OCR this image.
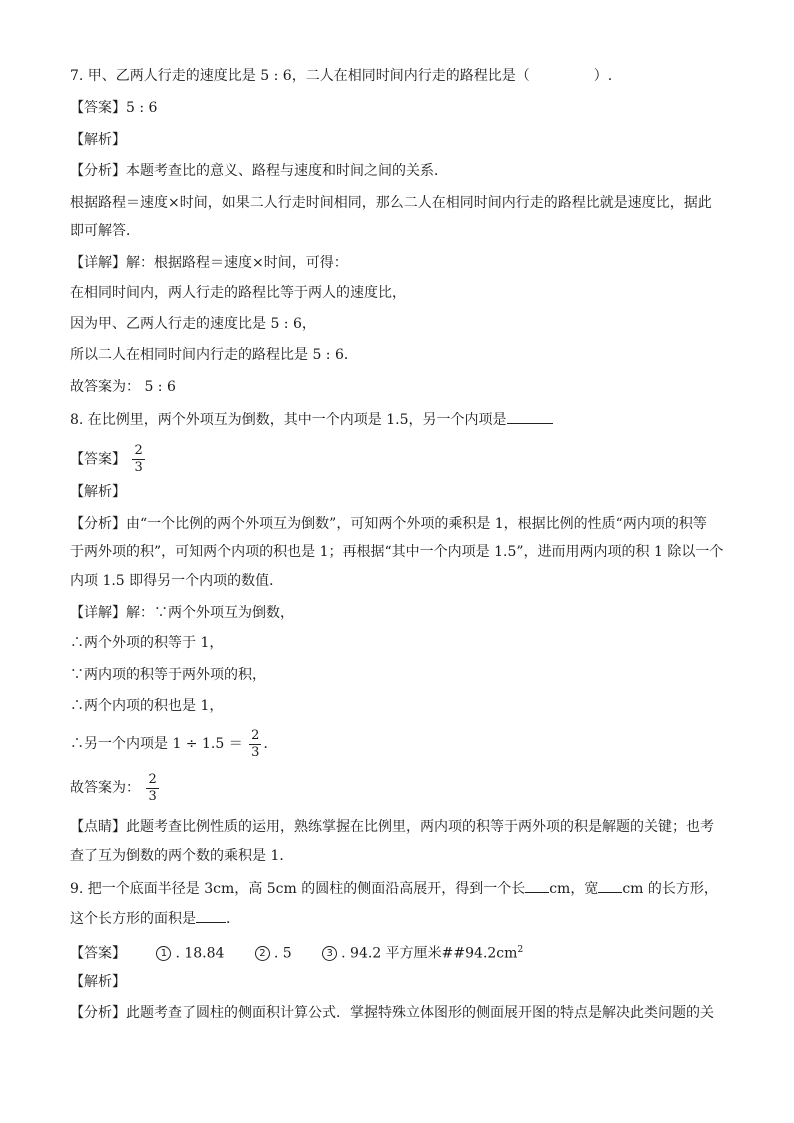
7. 甲、乙两人行走的速度比是 5 : 6，二人在相同时间内行走的路程比是（	）.
【答案】5 : 6
【解析】
【分析】本题考查比的意义、路程与速度和时间之间的关系．
根据路程＝速度×时间，如果二人行走时间相同，那么二人在相同时间内行走的路程比就是速度比，据此
即可解答．
【详解】解：根据路程＝速度×时间，可得：
在相同时间内，两人行走的路程比等于两人的速度比，
因为甲、乙两人行走的速度比是 5 : 6，
所以二人在相同时间内行走的路程比是 5 : 6．
故答案为： 5 : 6
8. 在比例里，两个外项互为倒数，其中一个内项是 1.5，另一个内项是
【答案】 $\frac{2}{3}$
【解析】
【分析】由“一个比例的两个外项互为倒数”，可知两个外项的乘积是 1，根据比例的性质“两内项的积等
于两外项的积”，可知两个内项的积也是 1；再根据“其中一个内项是 1.5”，进而用两内项的积 1 除以一个
内项 1.5 即得另一个内项的数值．
【详解】解：∵两个外项互为倒数，
∴两个外项的积等于 1，
∵两内项的积等于两外项的积，
∴两个内项的积也是 1，
∴另一个内项是 $1 \div 1.5 = \frac{2}{3}$ ．
故答案为： $\frac{2}{3}$
【点睛】此题考查比例性质的运用，熟练掌握在比例里，两内项的积等于两外项的积是解题的关键；也考
查了互为倒数的两个数的乘积是 1．
9. 把一个底面半径是 3cm，高 5cm 的圆柱的侧面沿高展开，得到一个长 cm，宽 cm 的长方形，
这个长方形的面积是 ．
【答案】	1 . 18.84	2 . 5	3 . 94.2 平方厘米$\#\#94.2cm^2$
【解析】
【分析】此题考查了圆柱的侧面积计算公式．掌握特殊立体图形的侧面展开图的特点是解决此类问题的关
